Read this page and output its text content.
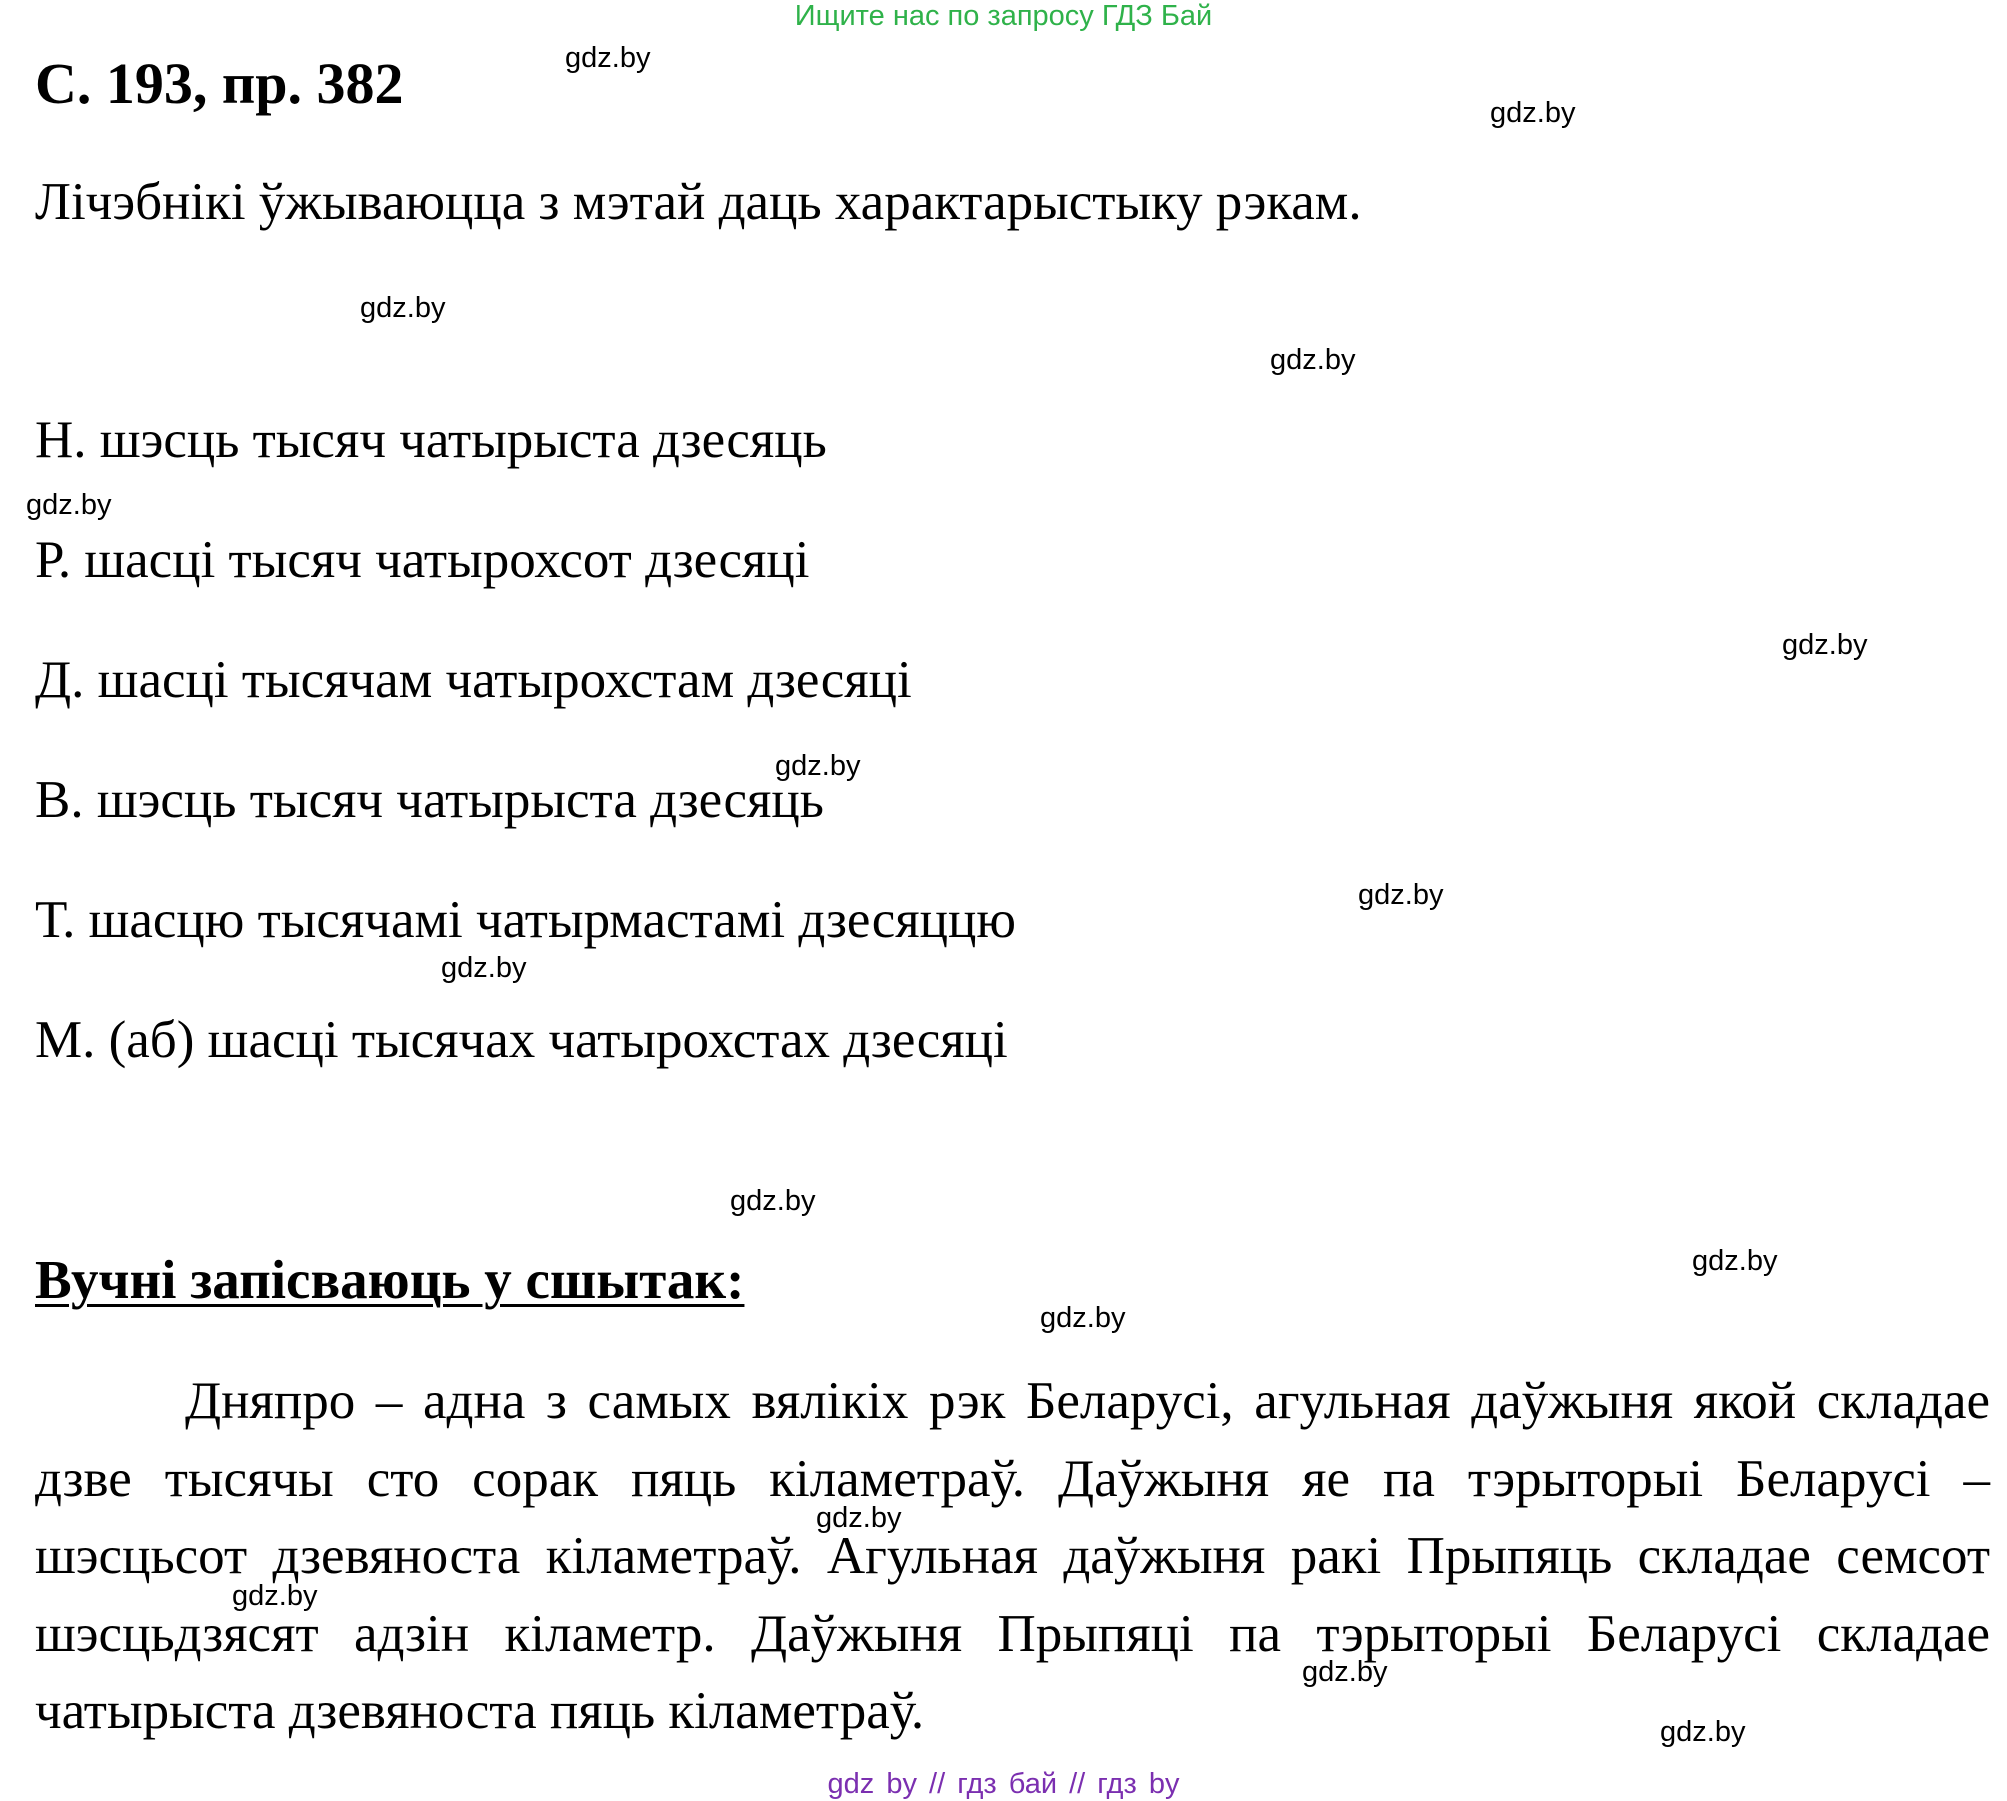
Ищите нас по запросу ГДЗ Бай
С. 193, пр. 382
Лічэбнікі ўжываюцца з мэтай даць характарыстыку рэкам.
Н. шэсць тысяч чатырыста дзесяць
Р. шасці тысяч чатырохсот дзесяці
Д. шасці тысячам чатырохстам дзесяці
В. шэсць тысяч чатырыста дзесяць
Т. шасцю тысячамі чатырмастамі дзесяццю
М. (аб) шасці тысячах чатырохстах дзесяці
Вучні запісваюць у сшытак:
Дняпро – адна з самых вялікіх рэк Беларусі, агульная даўжыня якой складае дзве тысячы сто сорак пяць кіламетраў. Даўжыня яе па тэрыторыі Беларусі – шэсцьсот дзевяноста кіламетраў. Агульная даўжыня ракі Прыпяць складае семсот шэсцьдзясят адзін кіламетр. Даўжыня Прыпяці па тэрыторыі Беларусі складае чатырыста дзевяноста пяць кіламетраў.
gdz.by
gdz.by
gdz.by
gdz.by
gdz.by
gdz.by
gdz.by
gdz.by
gdz.by
gdz.by
gdz.by
gdz.by
gdz.by
gdz.by
gdz.by
gdz.by
gdz by // гдз бай // гдз by
